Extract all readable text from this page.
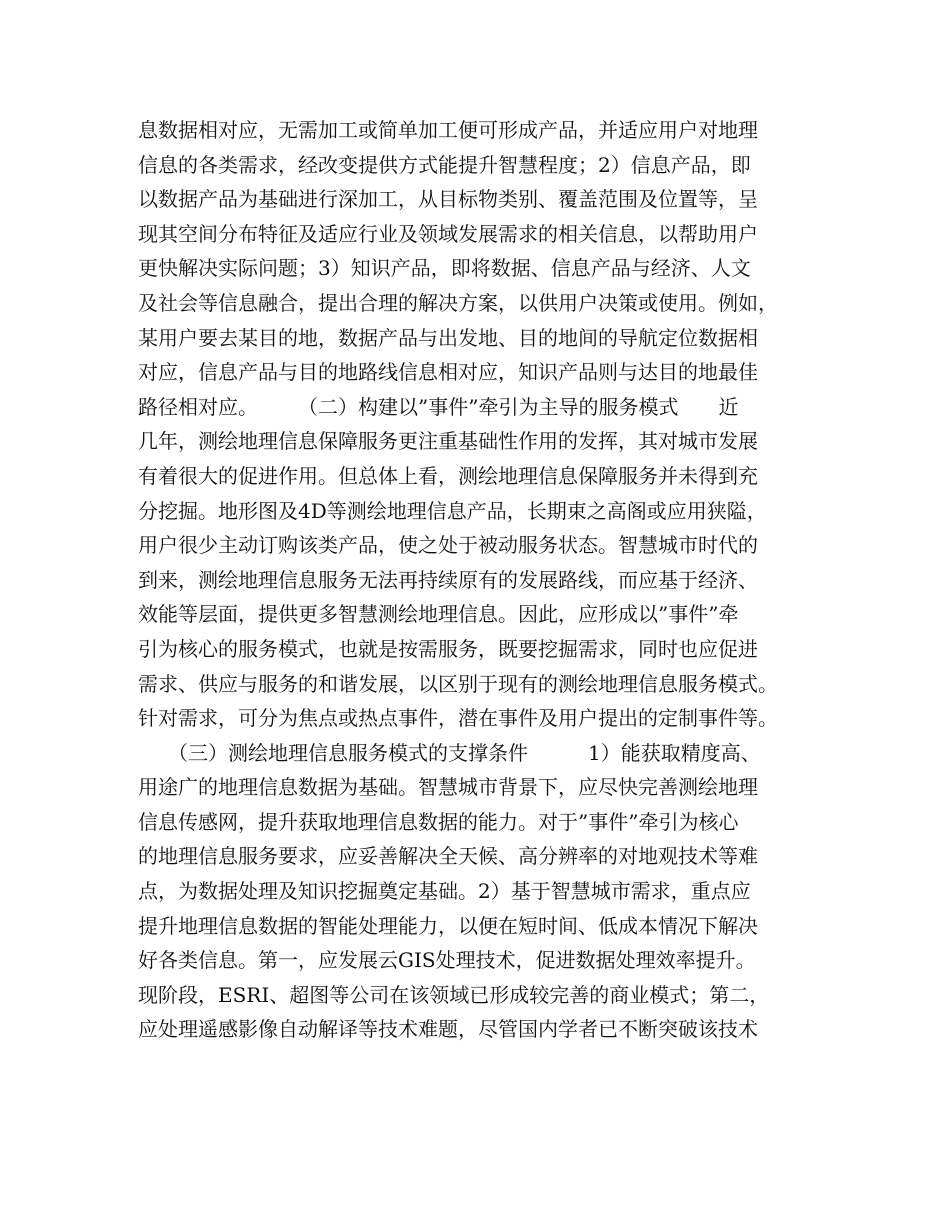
息数据相对应，无需加工或简单加工便可形成产品，并适应用户对地理
信息的各类需求，经改变提供方式能提升智慧程度；2）信息产品，即
以数据产品为基础进行深加工，从目标物类别、覆盖范围及位置等，呈
现其空间分布特征及适应行业及领域发展需求的相关信息，以帮助用户
更快解决实际问题；3）知识产品，即将数据、信息产品与经济、人文
及社会等信息融合，提出合理的解决方案，以供用户决策或使用。例如，
某用户要去某目的地，数据产品与出发地、目的地间的导航定位数据相
对应，信息产品与目的地路线信息相对应，知识产品则与达目的地最佳
路径相对应。　　　（二）构建以”事件”牵引为主导的服务模式　　近
几年，测绘地理信息保障服务更注重基础性作用的发挥，其对城市发展
有着很大的促进作用。但总体上看，测绘地理信息保障服务并未得到充
分挖掘。地形图及4D等测绘地理信息产品，长期束之高阁或应用狭隘，
用户很少主动订购该类产品，使之处于被动服务状态。智慧城市时代的
到来，测绘地理信息服务无法再持续原有的发展路线，而应基于经济、
效能等层面，提供更多智慧测绘地理信息。因此，应形成以”事件”牵
引为核心的服务模式，也就是按需服务，既要挖掘需求，同时也应促进
需求、供应与服务的和谐发展，以区别于现有的测绘地理信息服务模式。
针对需求，可分为焦点或热点事件，潜在事件及用户提出的定制事件等。
　　（三）测绘地理信息服务模式的支撑条件　　　1）能获取精度高、
用途广的地理信息数据为基础。智慧城市背景下，应尽快完善测绘地理
信息传感网，提升获取地理信息数据的能力。对于”事件”牵引为核心
的地理信息服务要求，应妥善解决全天候、高分辨率的对地观技术等难
点，为数据处理及知识挖掘奠定基础。2）基于智慧城市需求，重点应
提升地理信息数据的智能处理能力，以便在短时间、低成本情况下解决
好各类信息。第一，应发展云GIS处理技术，促进数据处理效率提升。
现阶段，ESRI、超图等公司在该领域已形成较完善的商业模式；第二，
应处理遥感影像自动解译等技术难题，尽管国内学者已不断突破该技术
